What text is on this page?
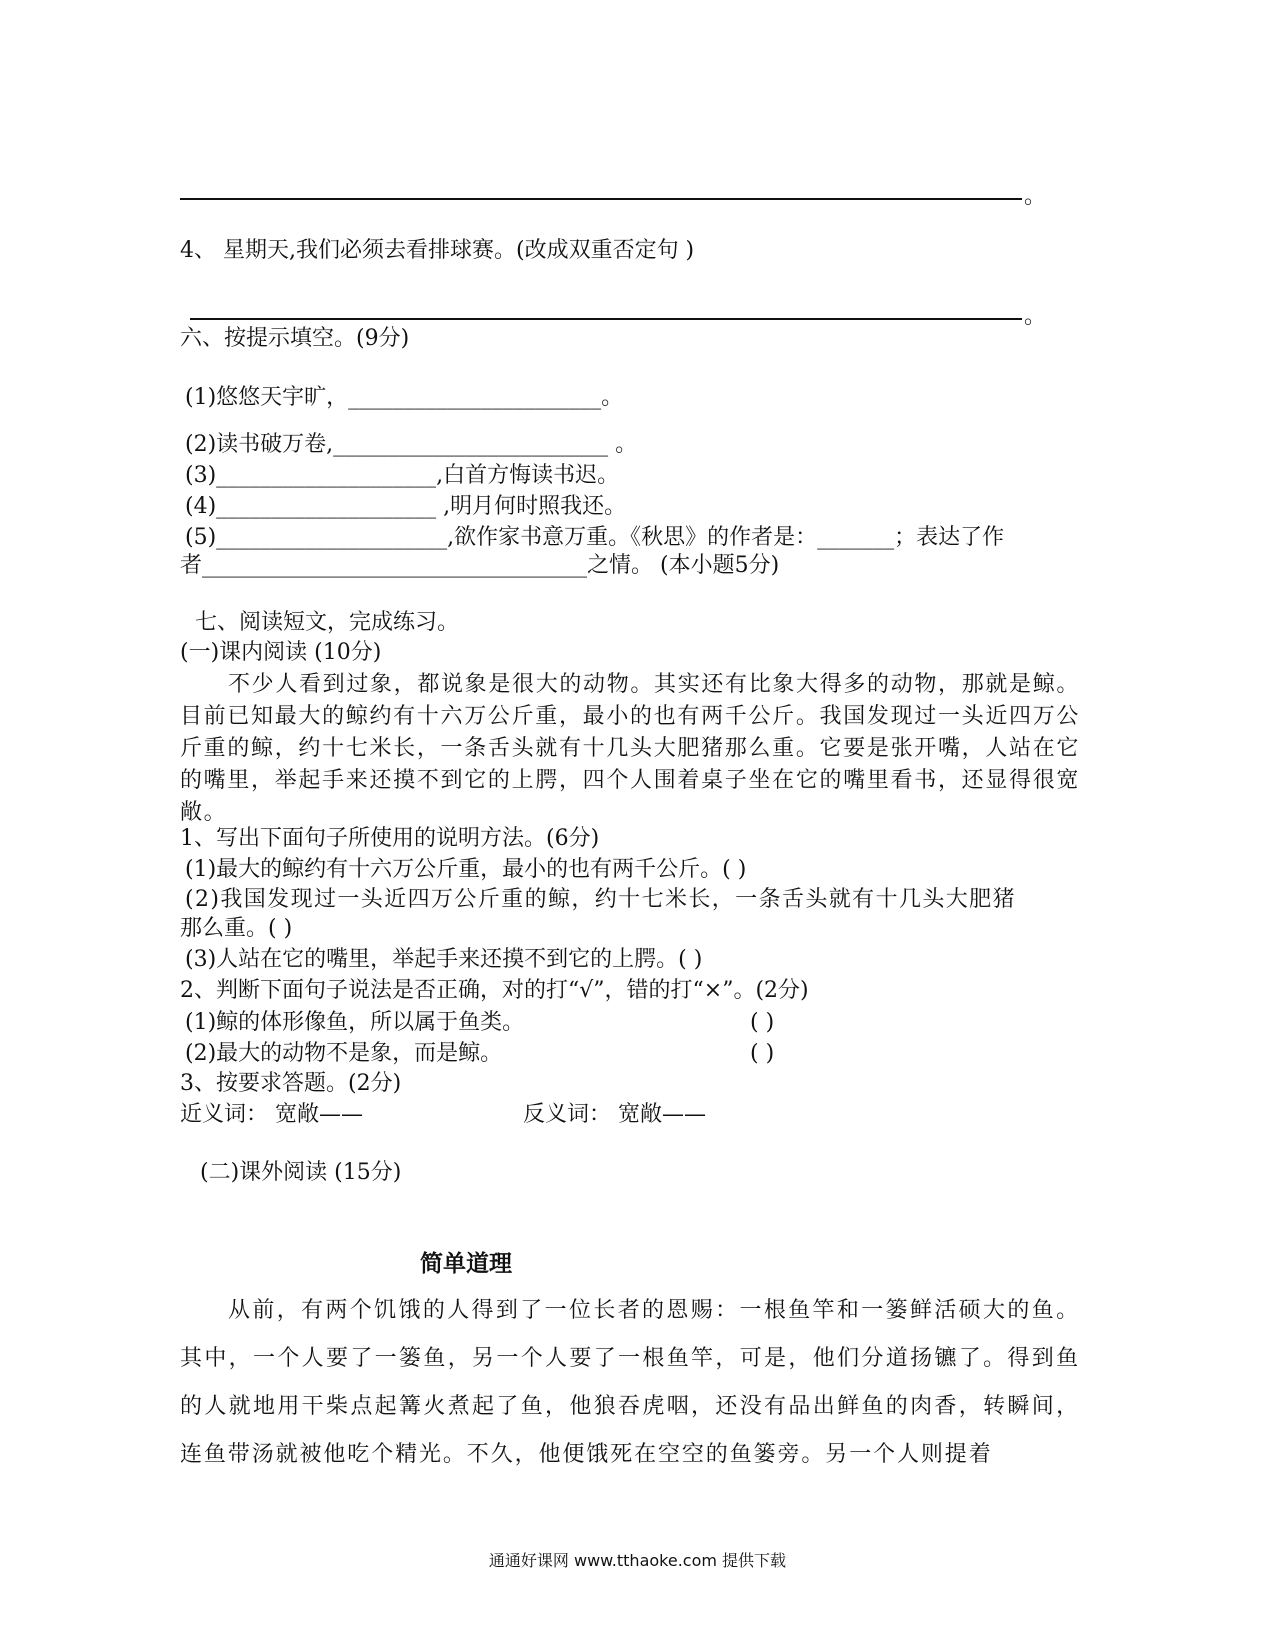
。
4、 星期天,我们必须去看排球赛。(改成双重否定句 )
。
六、按提示填空。(9分)
(1)悠悠天宇旷，_______________________。
(2)读书破万卷,_________________________ 。
(3)____________________,白首方悔读书迟。
(4)____________________ ,明月何时照我还。
(5)_____________________,欲作家书意万重。《秋思》的作者是：_______；表达了作
者___________________________________之情。 (本小题5分)
七、阅读短文，完成练习。
(一)课内阅读 (10分)
不少人看到过象，都说象是很大的动物。其实还有比象大得多的动物，那就是鲸。目前已知最大的鲸约有十六万公斤重，最小的也有两千公斤。我国发现过一头近四万公斤重的鲸，约十七米长，一条舌头就有十几头大肥猪那么重。它要是张开嘴，人站在它的嘴里，举起手来还摸不到它的上腭，四个人围着桌子坐在它的嘴里看书，还显得很宽敞。
1、写出下面句子所使用的说明方法。(6分)
(1)最大的鲸约有十六万公斤重，最小的也有两千公斤。( )
(2)我国发现过一头近四万公斤重的鲸，约十七米长，一条舌头就有十几头大肥猪
那么重。( )
(3)人站在它的嘴里，举起手来还摸不到它的上腭。( )
2、判断下面句子说法是否正确，对的打“√”，错的打“×”。(2分)
(1)鲸的体形像鱼，所以属于鱼类。	( )
(2)最大的动物不是象，而是鲸。	( )
3、按要求答题。(2分)
近义词： 宽敞——	反义词： 宽敞——
(二)课外阅读 (15分)
简单道理
从前，有两个饥饿的人得到了一位长者的恩赐：一根鱼竿和一篓鲜活硕大的鱼。其中，一个人要了一篓鱼，另一个人要了一根鱼竿，可是，他们分道扬镳了。得到鱼的人就地用干柴点起篝火煮起了鱼，他狼吞虎咽，还没有品出鲜鱼的肉香，转瞬间，连鱼带汤就被他吃个精光。不久，他便饿死在空空的鱼篓旁。另一个人则提着
通通好课网 www.tthaoke.com 提供下载
